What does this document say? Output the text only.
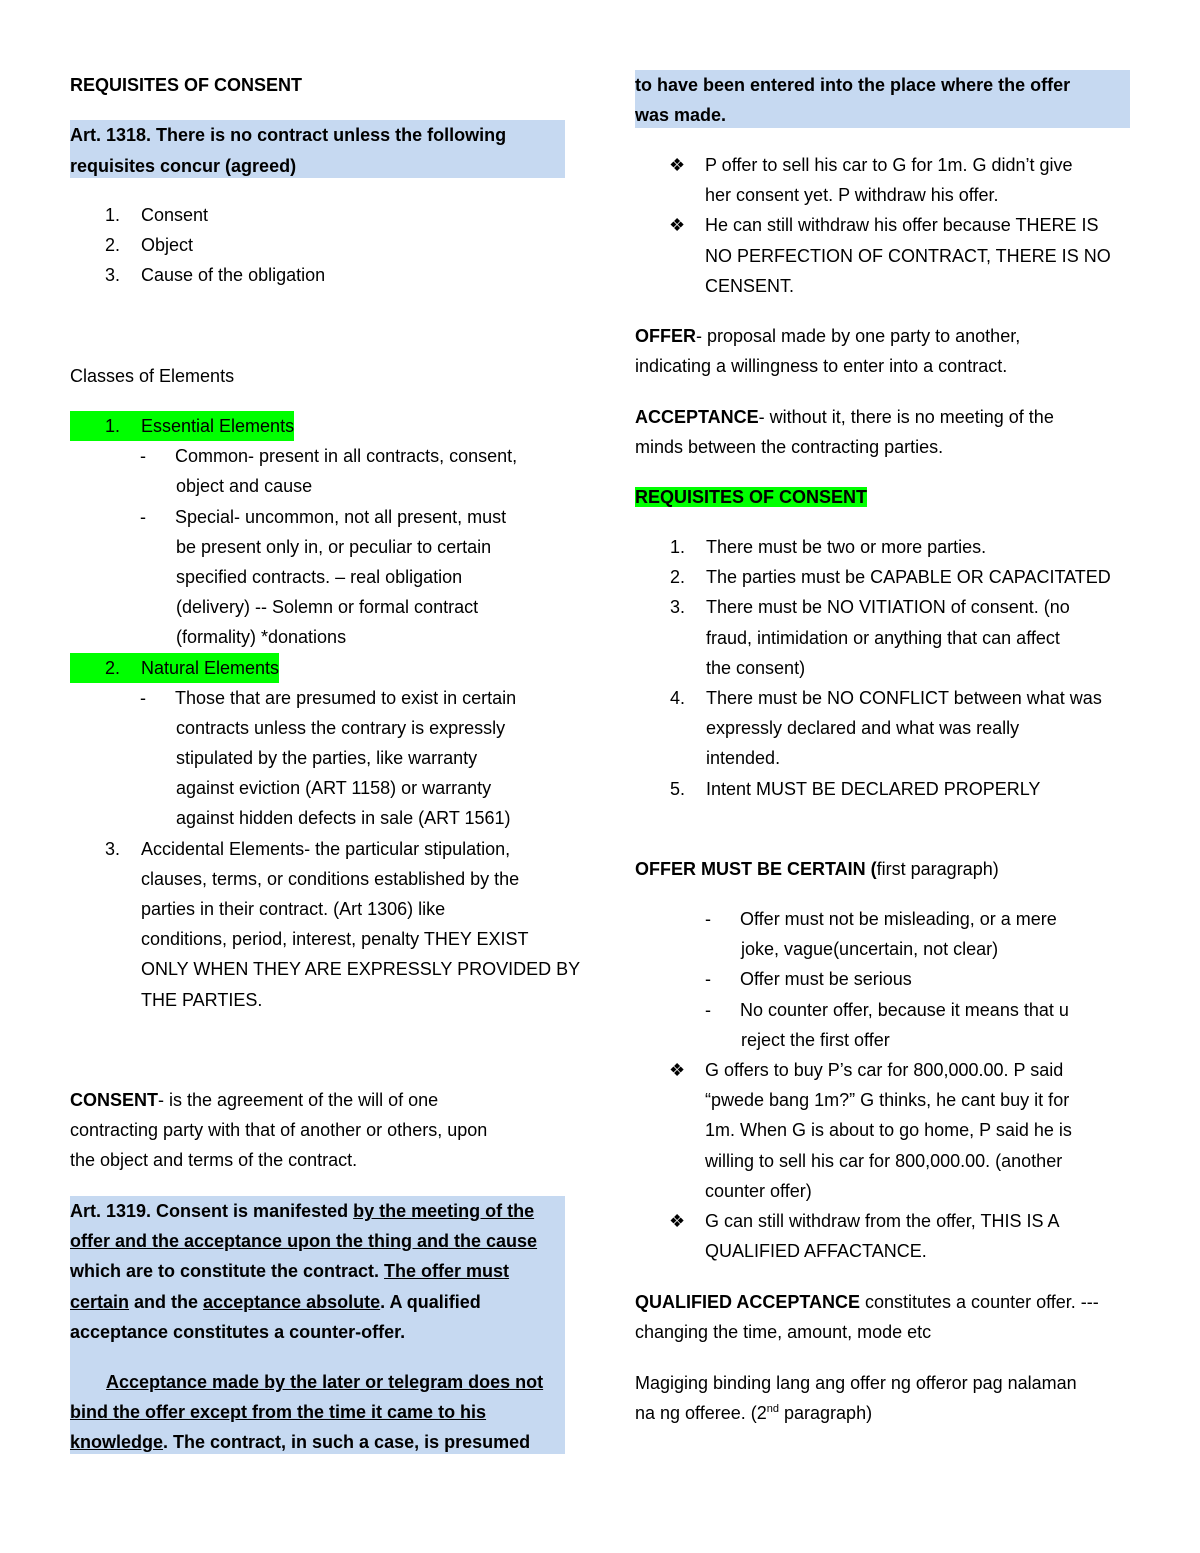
REQUISITES OF CONSENT
Art. 1318. There is no contract unless the following
requisites concur (agreed)
1. Consent
2. Object
3. Cause of the obligation
Classes of Elements
1. Essential Elements
- Common- present in all contracts, consent,
object and cause
- Special- uncommon, not all present, must
be present only in, or peculiar to certain
specified contracts. – real obligation
(delivery) -- Solemn or formal contract
(formality) *donations
2. Natural Elements
- Those that are presumed to exist in certain
contracts unless the contrary is expressly
stipulated by the parties, like warranty
against eviction (ART 1158) or warranty
against hidden defects in sale (ART 1561)
3. Accidental Elements- the particular stipulation,
clauses, terms, or conditions established by the
parties in their contract. (Art 1306) like
conditions, period, interest, penalty THEY EXIST
ONLY WHEN THEY ARE EXPRESSLY PROVIDED BY
THE PARTIES.
CONSENT- is the agreement of the will of one
contracting party with that of another or others, upon
the object and terms of the contract.
Art. 1319. Consent is manifested by the meeting of the
offer and the acceptance upon the thing and the cause
which are to constitute the contract. The offer must
certain and the acceptance absolute. A qualified
acceptance constitutes a counter-offer.
Acceptance made by the later or telegram does not
bind the offer except from the time it came to his
knowledge. The contract, in such a case, is presumed
to have been entered into the place where the offer
was made.
❖ P offer to sell his car to G for 1m. G didn’t give
her consent yet. P withdraw his offer.
❖ He can still withdraw his offer because THERE IS
NO PERFECTION OF CONTRACT, THERE IS NO
CENSENT.
OFFER- proposal made by one party to another,
indicating a willingness to enter into a contract.
ACCEPTANCE- without it, there is no meeting of the
minds between the contracting parties.
REQUISITES OF CONSENT
1. There must be two or more parties.
2. The parties must be CAPABLE OR CAPACITATED
3. There must be NO VITIATION of consent. (no
fraud, intimidation or anything that can affect
the consent)
4. There must be NO CONFLICT between what was
expressly declared and what was really
intended.
5. Intent MUST BE DECLARED PROPERLY
OFFER MUST BE CERTAIN (first paragraph)
- Offer must not be misleading, or a mere
joke, vague(uncertain, not clear)
- Offer must be serious
- No counter offer, because it means that u
reject the first offer
❖ G offers to buy P’s car for 800,000.00. P said
“pwede bang 1m?” G thinks, he cant buy it for
1m. When G is about to go home, P said he is
willing to sell his car for 800,000.00. (another
counter offer)
❖ G can still withdraw from the offer, THIS IS A
QUALIFIED AFFACTANCE.
QUALIFIED ACCEPTANCE constitutes a counter offer. ---
changing the time, amount, mode etc
Magiging binding lang ang offer ng offeror pag nalaman
na ng offeree. (2nd paragraph)
